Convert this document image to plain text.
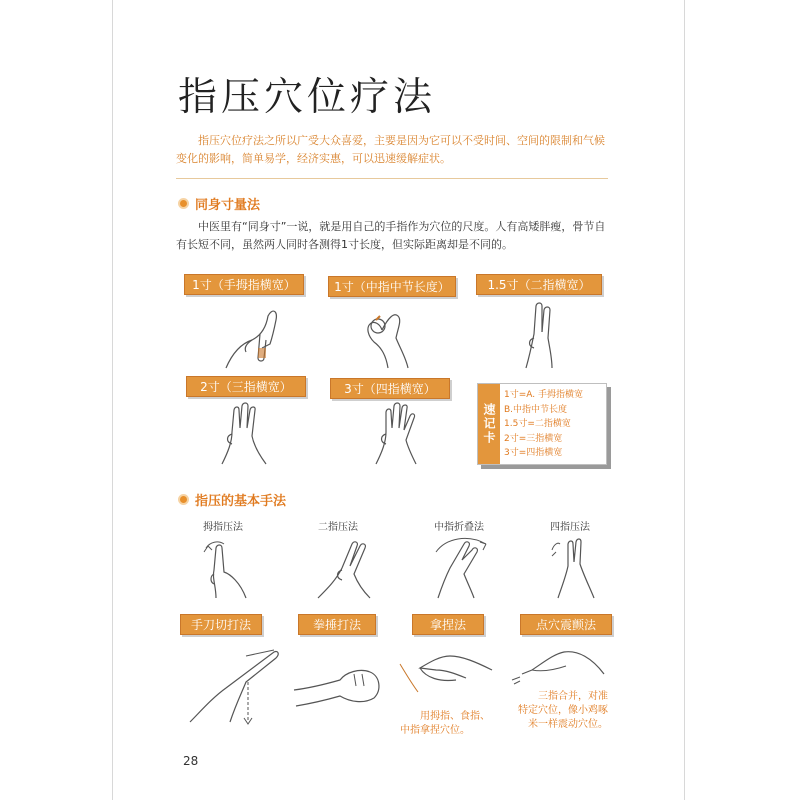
指压穴位疗法
指压穴位疗法之所以广受大众喜爱，主要是因为它可以不受时间、空间的限制和气候变化的影响，简单易学，经济实惠，可以迅速缓解症状。
同身寸量法
中医里有“同身寸”一说，就是用自己的手指作为穴位的尺度。人有高矮胖瘦，骨节自有长短不同，虽然两人同时各测得1寸长度，但实际距离却是不同的。
1寸（手拇指横宽）	1寸（中指中节长度）	1.5寸（二指横宽）
2寸（三指横宽）	3寸（四指横宽）
速记卡
1寸=A. 手拇指横宽
B.中指中节长度
1.5寸=二指横宽
2寸=三指横宽
3寸=四指横宽
指压的基本手法
拇指压法	二指压法	中指折叠法	四指压法
手刀切打法	拳捶打法	拿捏法	点穴震颤法
用拇指、食指、
中指拿捏穴位。
三指合并，对准
特定穴位，像小鸡啄
米一样震动穴位。
28
